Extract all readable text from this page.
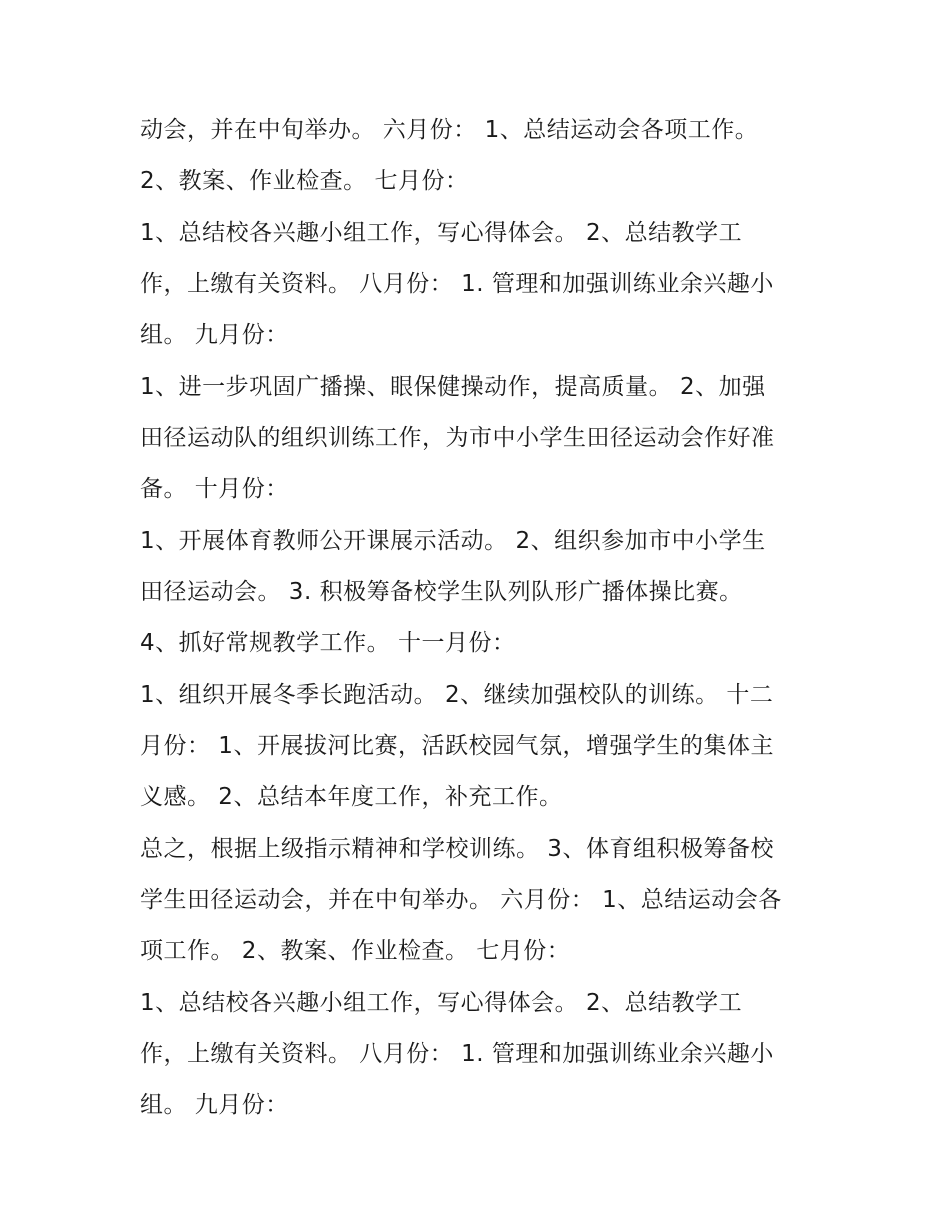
动会，并在中旬举办。 六月份： 1、总结运动会各项工作。
2、教案、作业检查。 七月份：
1、总结校各兴趣小组工作，写心得体会。 2、总结教学工
作，上缴有关资料。 八月份： 1. 管理和加强训练业余兴趣小
组。 九月份：
1、进一步巩固广播操、眼保健操动作，提高质量。 2、加强
田径运动队的组织训练工作，为市中小学生田径运动会作好准
备。 十月份：
1、开展体育教师公开课展示活动。 2、组织参加市中小学生
田径运动会。 3. 积极筹备校学生队列队形广播体操比赛。
4、抓好常规教学工作。 十一月份：
1、组织开展冬季长跑活动。 2、继续加强校队的训练。 十二
月份： 1、开展拔河比赛，活跃校园气氛，增强学生的集体主
义感。 2、总结本年度工作，补充工作。
总之，根据上级指示精神和学校训练。 3、体育组积极筹备校
学生田径运动会，并在中旬举办。 六月份： 1、总结运动会各
项工作。 2、教案、作业检查。 七月份：
1、总结校各兴趣小组工作，写心得体会。 2、总结教学工
作，上缴有关资料。 八月份： 1. 管理和加强训练业余兴趣小
组。 九月份：
